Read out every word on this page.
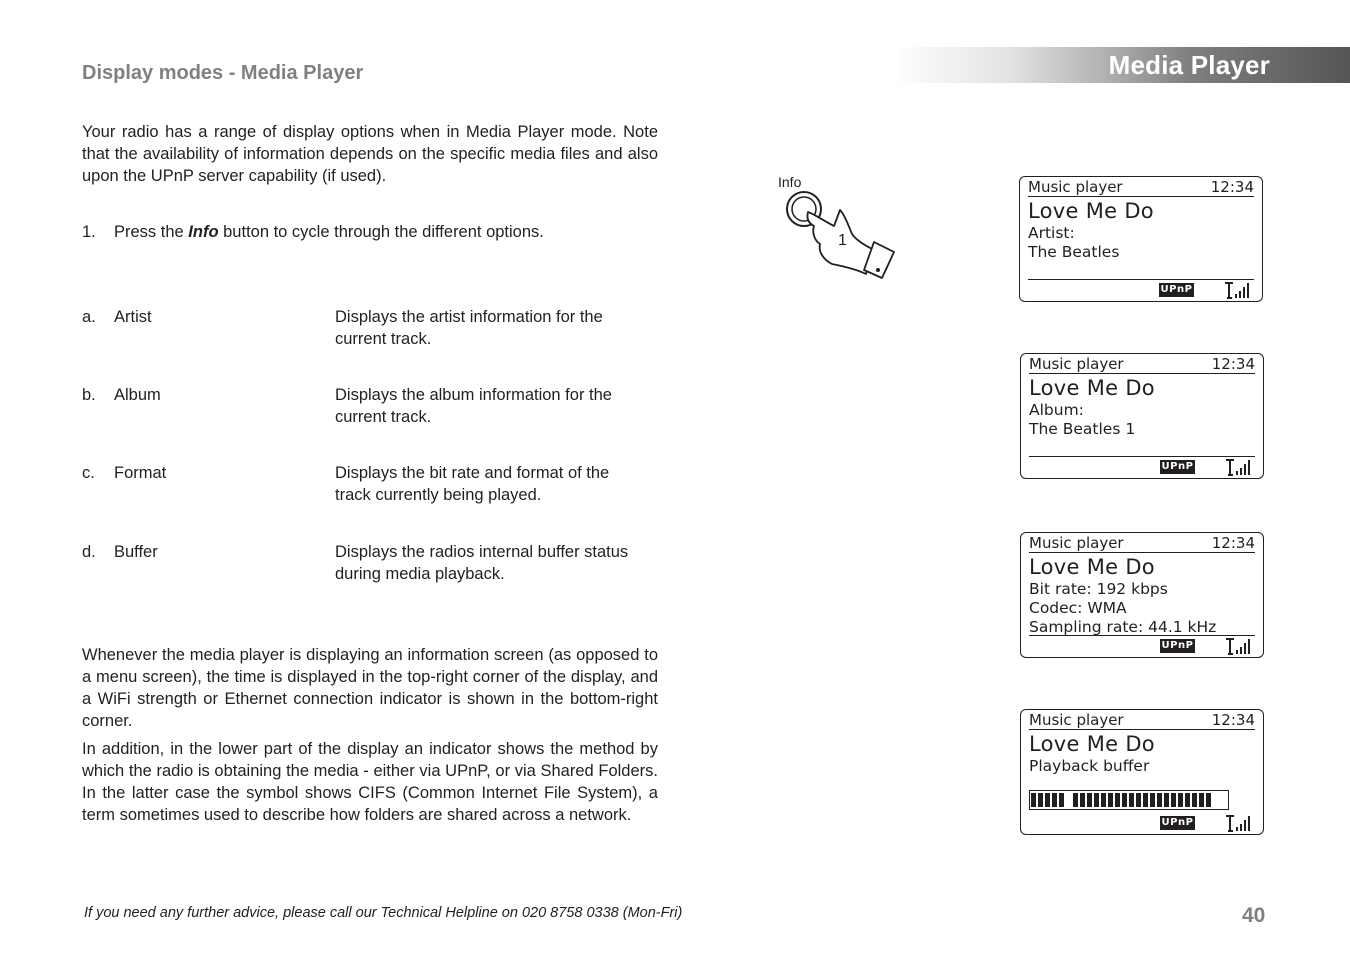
Media Player
Display modes - Media Player
Your radio has a range of display options when in Media Player mode. Note that the availability of information depends on the specific media files and also upon the UPnP server capability (if used).
1. Press the Info button to cycle through the different options.
a.	Artist	Displays the artist information for the
current track.
b.	Album	Displays the album information for the
current track.
c.	Format	Displays the bit rate and format of the
track currently being played.
d.	Buffer	Displays the radios internal buffer status
during media playback.
Whenever the media player is displaying an information screen (as opposed to a menu screen), the time is displayed in the top-right corner of the display, and a WiFi strength or Ethernet connection indicator is shown in the bottom-right corner.
In addition, in the lower part of the display an indicator shows the method by which the radio is obtaining the media - either via UPnP, or via Shared Folders. In the latter case the symbol shows CIFS (Common Internet File System), a term sometimes used to describe how folders are shared across a network.
Info
1
Music player	12:34
Love Me Do
Artist:
The Beatles
UPnP
Music player	12:34
Love Me Do
Album:
The Beatles 1
UPnP
Music player	12:34
Love Me Do
Bit rate: 192 kbps
Codec: WMA
Sampling rate: 44.1 kHz
UPnP
Music player	12:34
Love Me Do
Playback buffer
UPnP
If you need any further advice, please call our Technical Helpline on 020 8758 0338 (Mon-Fri)	40
